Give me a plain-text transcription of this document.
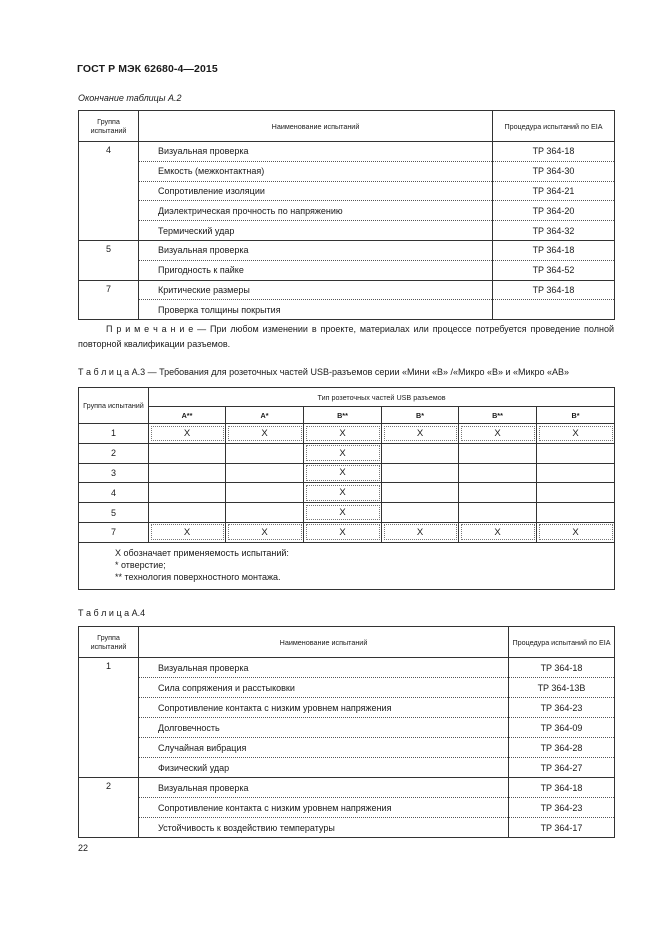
ГОСТ Р МЭК 62680-4—2015
Окончание таблицы А.2
Группа испытаний	Наименование испытаний	Процедура испытаний по EIA
4	Визуальная проверка	TP 364-18
	Емкость (межконтактная)	TP 364-30
	Сопротивление изоляции	TP 364-21
	Диэлектрическая прочность по напряжению	TP 364-20
	Термический удар	TP 364-32
5	Визуальная проверка	TP 364-18
	Пригодность к пайке	TP 364-52
7	Критические размеры	TP 364-18
	Проверка толщины покрытия	
П р и м е ч а н и е — При любом изменении в проекте, материалах или процессе потребуется проведение полной повторной квалификации разъемов.
Т а б л и ц а А.3 — Требования для розеточных частей USB-разъемов серии «Мини «B» /«Микро «B» и «Микро «AB»
Группа испытаний	Тип розеточных частей USB разъемов					
	A**	A*	B**	B*	B**	B*
1	X	X	X	X	X	X
2			X			
3			X			
4			X			
5			X			
7	X	X	X	X	X	X

X обозначает применяемость испытаний:
* отверстие;
** технология поверхностного монтажа.						
Т а б л и ц а А.4
Группа испытаний	Наименование испытаний	Процедура испытаний по EIA
1	Визуальная проверка	TP 364-18
	Сила сопряжения и расстыковки	TP 364-13B
	Сопротивление контакта с низким уровнем напряжения	TP 364-23
	Долговечность	TP 364-09
	Случайная вибрация	TP 364-28
	Физический удар	TP 364-27
2	Визуальная проверка	TP 364-18
	Сопротивление контакта с низким уровнем напряжения	TP 364-23
	Устойчивость к воздействию температуры	TP 364-17
22
